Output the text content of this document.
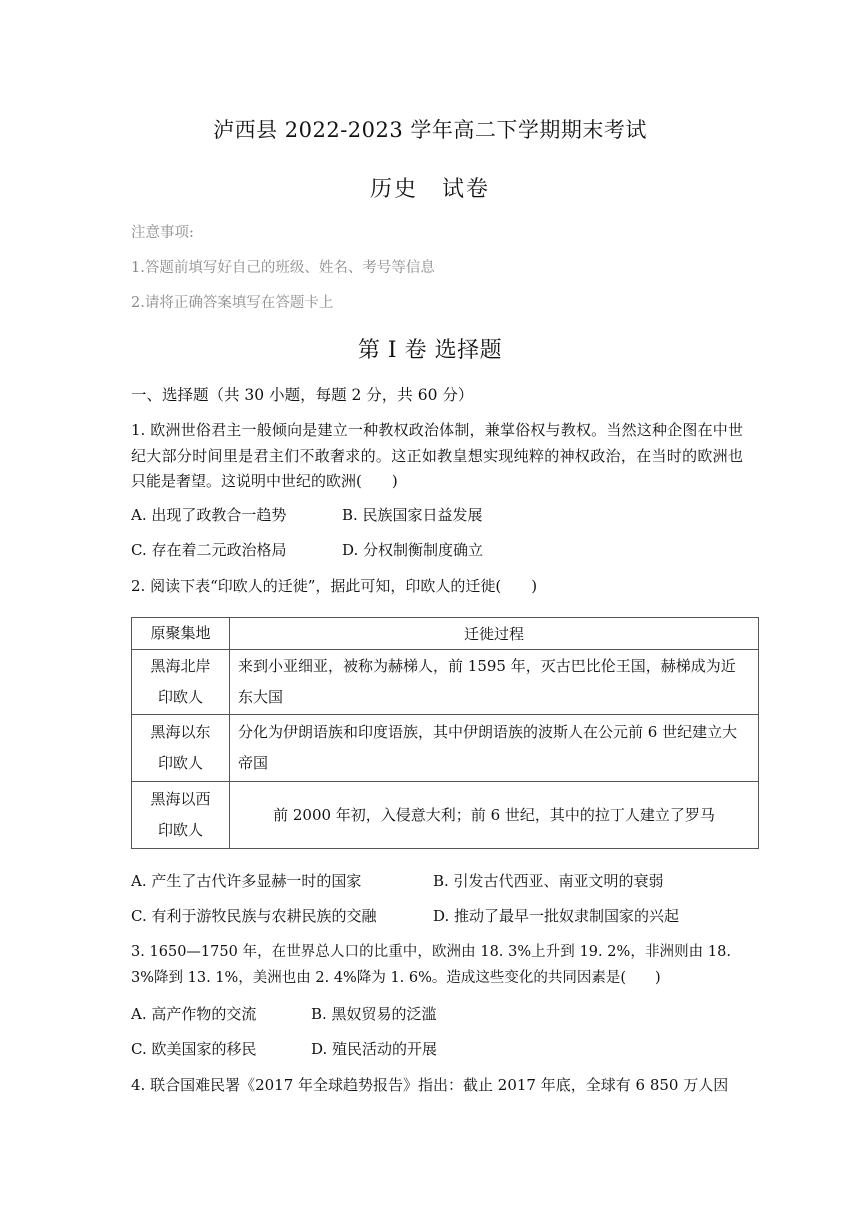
泸西县 2022-2023 学年高二下学期期末考试
历史　试卷
注意事项:
1.答题前填写好自己的班级、姓名、考号等信息
2.请将正确答案填写在答题卡上
第 I 卷 选择题
一、选择题（共 30 小题，每题 2 分，共 60 分）
1. 欧洲世俗君主一般倾向是建立一种教权政治体制，兼掌俗权与教权。当然这种企图在中世纪大部分时间里是君主们不敢奢求的。这正如教皇想实现纯粹的神权政治，在当时的欧洲也只能是奢望。这说明中世纪的欧洲(　　)
A. 出现了政教合一趋势	B. 民族国家日益发展
C. 存在着二元政治格局	D. 分权制衡制度确立
2. 阅读下表“印欧人的迁徙”，据此可知，印欧人的迁徙(　　)
原聚集地	迁徙过程

黑海北岸
印欧人	来到小亚细亚，被称为赫梯人，前 1595 年，灭古巴比伦王国，赫梯成为近东大国

黑海以东
印欧人	分化为伊朗语族和印度语族，其中伊朗语族的波斯人在公元前 6 世纪建立大帝国

黑海以西
印欧人	前 2000 年初，入侵意大利；前 6 世纪，其中的拉丁人建立了罗马
A. 产生了古代许多显赫一时的国家	B. 引发古代西亚、南亚文明的衰弱
C. 有利于游牧民族与农耕民族的交融	D. 推动了最早一批奴隶制国家的兴起
3. 1650—1750 年，在世界总人口的比重中，欧洲由 18. 3%上升到 19. 2%，非洲则由 18. 3%降到 13. 1%，美洲也由 2. 4%降为 1. 6%。造成这些变化的共同因素是(　　)
A. 高产作物的交流	B. 黑奴贸易的泛滥
C. 欧美国家的移民	D. 殖民活动的开展
4. 联合国难民署《2017 年全球趋势报告》指出：截止 2017 年底，全球有 6 850 万人因
